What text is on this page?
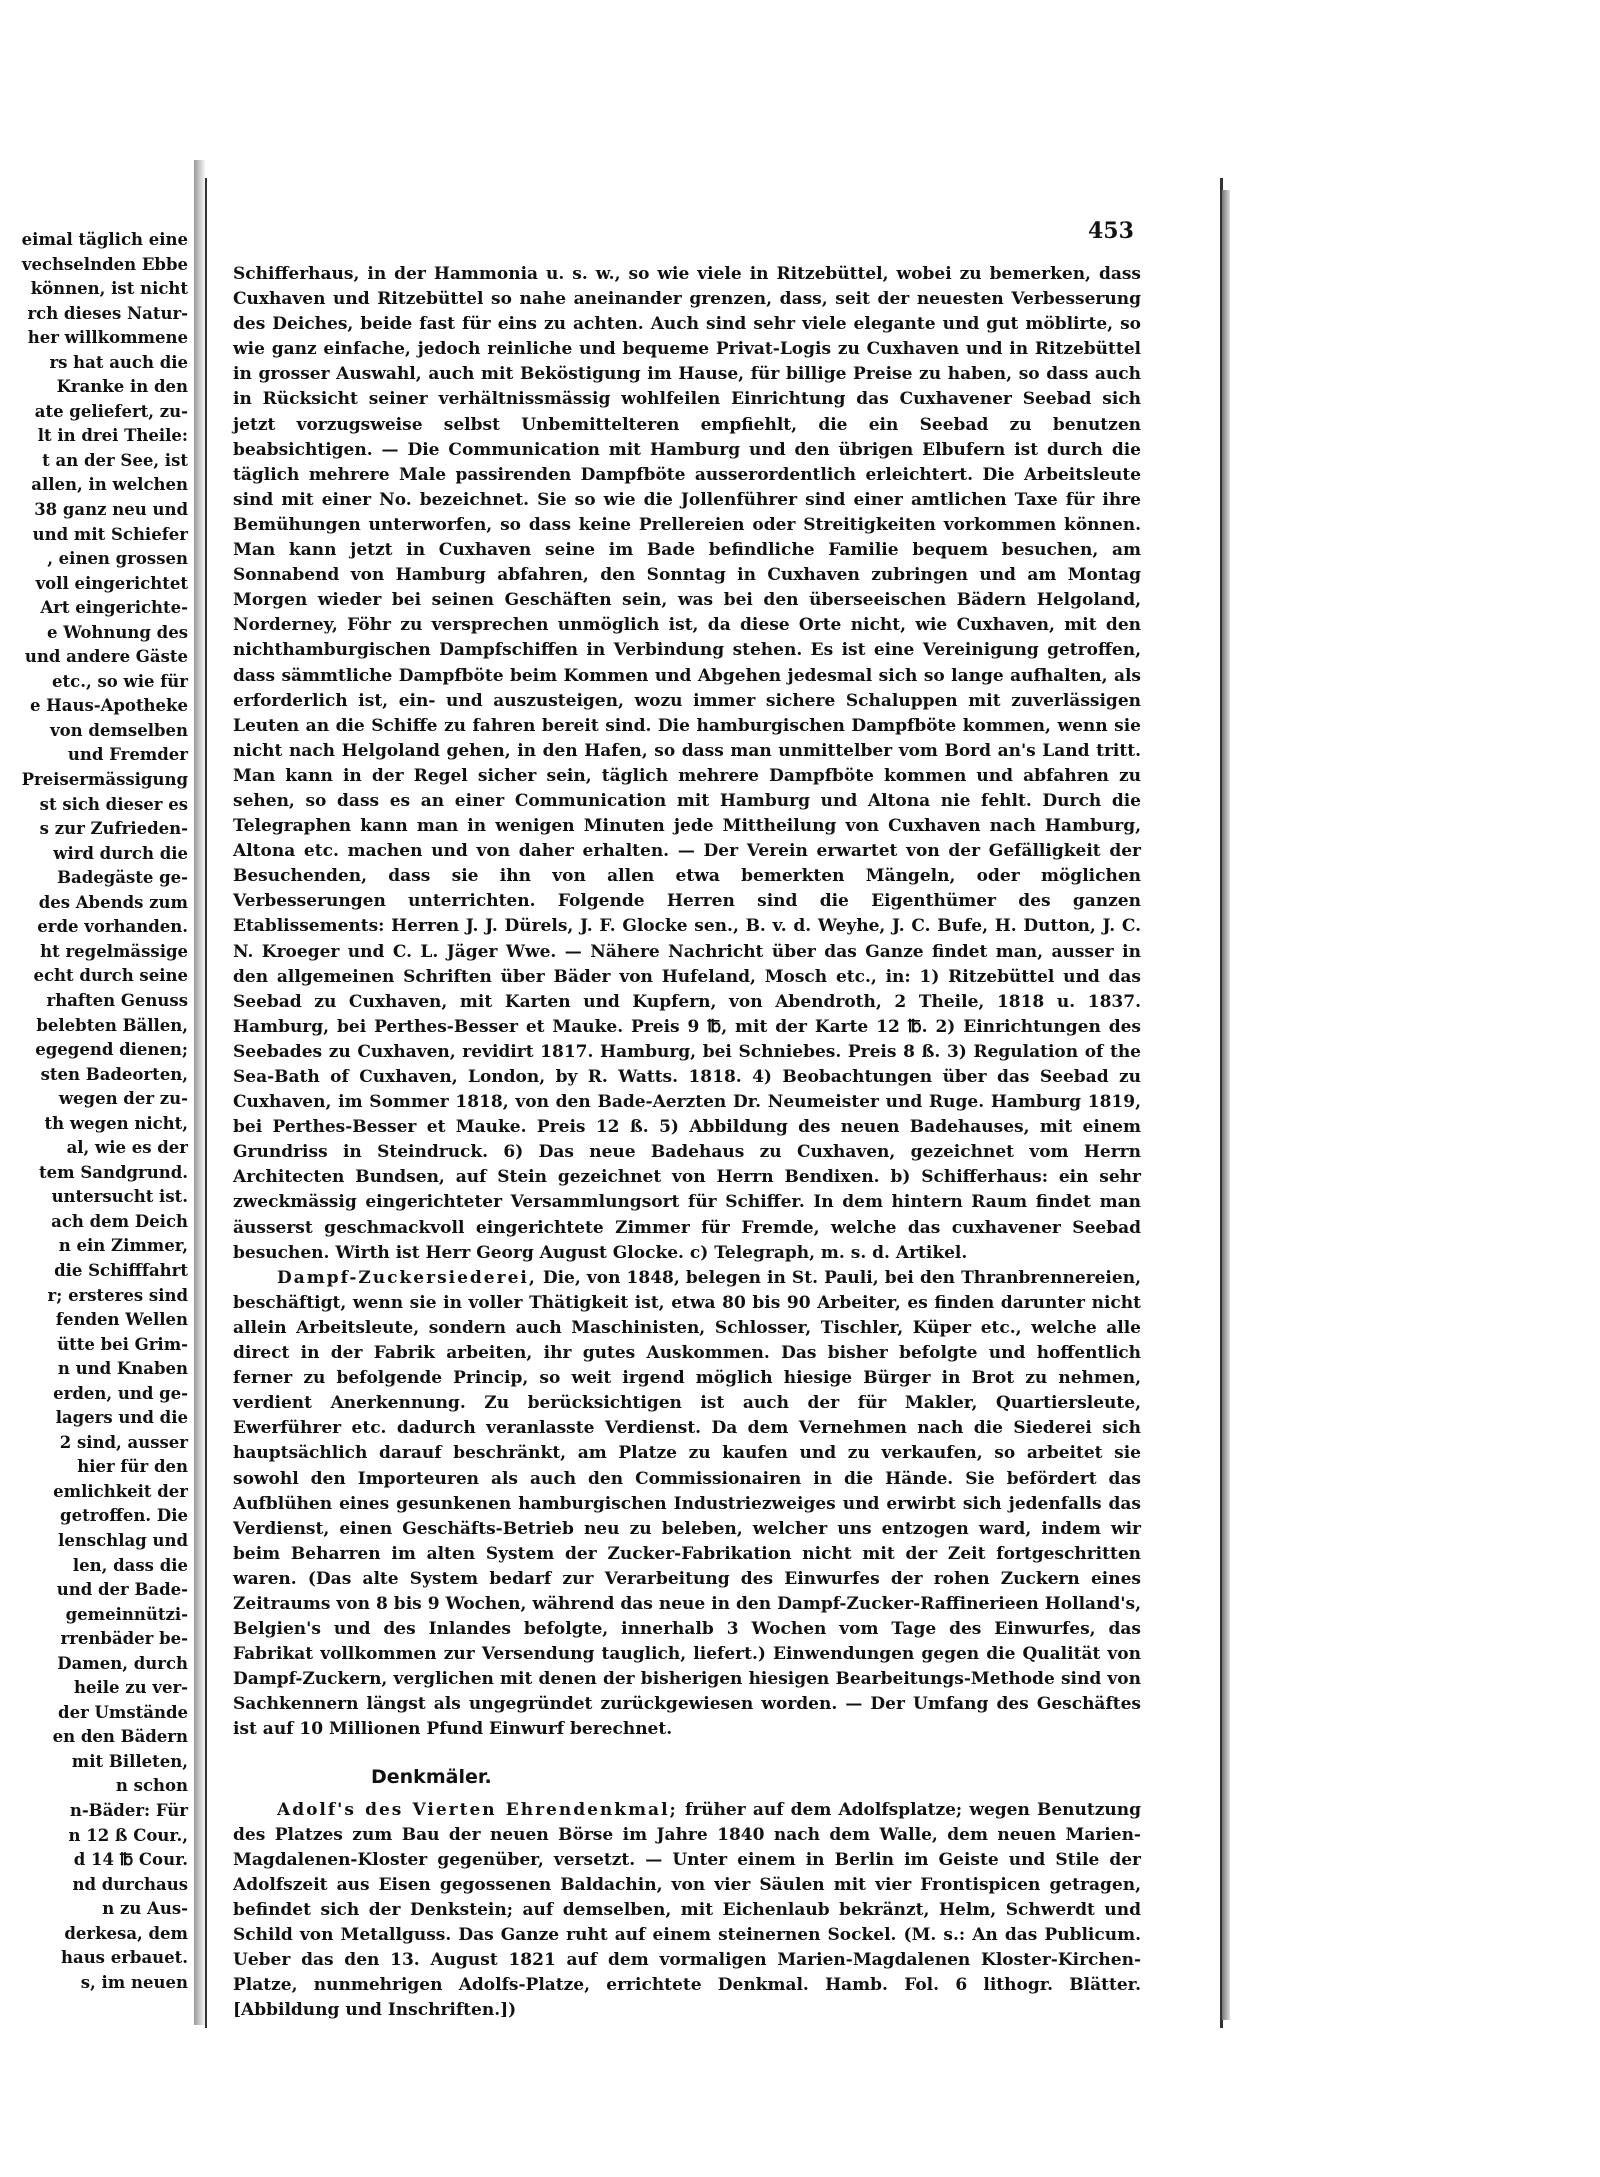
eimal täglich eine
vechselnden Ebbe
können, ist nicht
rch dieses Natur-
her willkommene
rs hat auch die
Kranke in den
ate geliefert, zu-
lt in drei Theile:
t an der See, ist
allen, in welchen
38 ganz neu und
und mit Schiefer
, einen grossen
voll eingerichtet
Art eingerichte-
e Wohnung des
und andere Gäste
etc., so wie für
e Haus-Apotheke
von demselben
und Fremder
Preisermässigung
st sich dieser es
s zur Zufrieden-
wird durch die
Badegäste ge-
des Abends zum
erde vorhanden.
ht regelmässige
echt durch seine
rhaften Genuss
belebten Bällen,
egegend dienen;
sten Badeorten,
wegen der zu-
th wegen nicht,
al, wie es der
tem Sandgrund.
untersucht ist.
ach dem Deich
n ein Zimmer,
die Schifffahrt
r; ersteres sind
fenden Wellen
ütte bei Grim-
n und Knaben
erden, und ge-
lagers und die
2 sind, ausser
hier für den
emlichkeit der
getroffen. Die
lenschlag und
len, dass die
und der Bade-
gemeinnützi-
rrenbäder be-
Damen, durch
heile zu ver-
der Umstände
en den Bädern
mit Billeten,
n schon
n-Bäder: Für
n 12 ß Cour.,
d 14 ℔ Cour.
nd durchaus
n zu Aus-
derkesa, dem
haus erbauet.
s, im neuen
453

Schifferhaus, in der Hammonia u. s. w., so wie viele in Ritzebüttel, wobei zu bemerken, dass Cuxhaven und Ritzebüttel so nahe aneinander grenzen, dass, seit der neuesten Verbesserung des Deiches, beide fast für eins zu achten. Auch sind sehr viele elegante und gut möblirte, so wie ganz einfache, jedoch reinliche und bequeme Privat-Logis zu Cuxhaven und in Ritzebüttel in grosser Auswahl, auch mit Beköstigung im Hause, für billige Preise zu haben, so dass auch in Rücksicht seiner verhältnissmässig wohlfeilen Einrichtung das Cuxhavener Seebad sich jetzt vorzugsweise selbst Unbemittelteren empfiehlt, die ein Seebad zu benutzen beabsichtigen. — Die Communication mit Hamburg und den übrigen Elbufern ist durch die täglich mehrere Male passirenden Dampfböte ausserordentlich erleichtert. Die Arbeitsleute sind mit einer No. bezeichnet. Sie so wie die Jollenführer sind einer amtlichen Taxe für ihre Bemühungen unterworfen, so dass keine Prellereien oder Streitigkeiten vorkommen können. Man kann jetzt in Cuxhaven seine im Bade befindliche Familie bequem besuchen, am Sonnabend von Hamburg abfahren, den Sonntag in Cuxhaven zubringen und am Montag Morgen wieder bei seinen Geschäften sein, was bei den überseeischen Bädern Helgoland, Norderney, Föhr zu versprechen unmöglich ist, da diese Orte nicht, wie Cuxhaven, mit den nichthamburgischen Dampfschiffen in Verbindung stehen. Es ist eine Vereinigung getroffen, dass sämmtliche Dampfböte beim Kommen und Abgehen jedesmal sich so lange aufhalten, als erforderlich ist, ein- und auszusteigen, wozu immer sichere Schaluppen mit zuverlässigen Leuten an die Schiffe zu fahren bereit sind. Die hamburgischen Dampfböte kommen, wenn sie nicht nach Helgoland gehen, in den Hafen, so dass man unmittelber vom Bord an's Land tritt. Man kann in der Regel sicher sein, täglich mehrere Dampfböte kommen und abfahren zu sehen, so dass es an einer Communication mit Hamburg und Altona nie fehlt. Durch die Telegraphen kann man in wenigen Minuten jede Mittheilung von Cuxhaven nach Hamburg, Altona etc. machen und von daher erhalten. — Der Verein erwartet von der Gefälligkeit der Besuchenden, dass sie ihn von allen etwa bemerkten Mängeln, oder möglichen Verbesserungen unterrichten. Folgende Herren sind die Eigenthümer des ganzen Etablissements: Herren J. J. Dürels, J. F. Glocke sen., B. v. d. Weyhe, J. C. Bufe, H. Dutton, J. C. N. Kroeger und C. L. Jäger Wwe. — Nähere Nachricht über das Ganze findet man, ausser in den allgemeinen Schriften über Bäder von Hufeland, Mosch etc., in: 1) Ritzebüttel und das Seebad zu Cuxhaven, mit Karten und Kupfern, von Abendroth, 2 Theile, 1818 u. 1837. Hamburg, bei Perthes-Besser et Mauke. Preis 9 ℔, mit der Karte 12 ℔. 2) Einrichtungen des Seebades zu Cuxhaven, revidirt 1817. Hamburg, bei Schniebes. Preis 8 ß. 3) Regulation of the Sea-Bath of Cuxhaven, London, by R. Watts. 1818. 4) Beobachtungen über das Seebad zu Cuxhaven, im Sommer 1818, von den Bade-Aerzten Dr. Neumeister und Ruge. Hamburg 1819, bei Perthes-Besser et Mauke. Preis 12 ß. 5) Abbildung des neuen Badehauses, mit einem Grundriss in Steindruck. 6) Das neue Badehaus zu Cuxhaven, gezeichnet vom Herrn Architecten Bundsen, auf Stein gezeichnet von Herrn Bendixen. b) Schifferhaus: ein sehr zweckmässig eingerichteter Versammlungsort für Schiffer. In dem hintern Raum findet man äusserst geschmackvoll eingerichtete Zimmer für Fremde, welche das cuxhavener Seebad besuchen. Wirth ist Herr Georg August Glocke. c) Telegraph, m. s. d. Artikel.

Dampf-Zuckersiederei, Die, von 1848, belegen in St. Pauli, bei den Thranbrennereien, beschäftigt, wenn sie in voller Thätigkeit ist, etwa 80 bis 90 Arbeiter, es finden darunter nicht allein Arbeitsleute, sondern auch Maschinisten, Schlosser, Tischler, Küper etc., welche alle direct in der Fabrik arbeiten, ihr gutes Auskommen. Das bisher befolgte und hoffentlich ferner zu befolgende Princip, so weit irgend möglich hiesige Bürger in Brot zu nehmen, verdient Anerkennung. Zu berücksichtigen ist auch der für Makler, Quartiersleute, Ewerführer etc. dadurch veranlasste Verdienst. Da dem Vernehmen nach die Siederei sich hauptsächlich darauf beschränkt, am Platze zu kaufen und zu verkaufen, so arbeitet sie sowohl den Importeuren als auch den Commissionairen in die Hände. Sie befördert das Aufblühen eines gesunkenen hamburgischen Industriezweiges und erwirbt sich jedenfalls das Verdienst, einen Geschäfts-Betrieb neu zu beleben, welcher uns entzogen ward, indem wir beim Beharren im alten System der Zucker-Fabrikation nicht mit der Zeit fortgeschritten waren. (Das alte System bedarf zur Verarbeitung des Einwurfes der rohen Zuckern eines Zeitraums von 8 bis 9 Wochen, während das neue in den Dampf-Zucker-Raffinerieen Holland's, Belgien's und des Inlandes befolgte, innerhalb 3 Wochen vom Tage des Einwurfes, das Fabrikat vollkommen zur Versendung tauglich, liefert.) Einwendungen gegen die Qualität von Dampf-Zuckern, verglichen mit denen der bisherigen hiesigen Bearbeitungs-Methode sind von Sachkennern längst als ungegründet zurückgewiesen worden. — Der Umfang des Geschäftes ist auf 10 Millionen Pfund Einwurf berechnet.

Denkmäler.

Adolf's des Vierten Ehrendenkmal; früher auf dem Adolfsplatze; wegen Benutzung des Platzes zum Bau der neuen Börse im Jahre 1840 nach dem Walle, dem neuen Marien-Magdalenen-Kloster gegenüber, versetzt. — Unter einem in Berlin im Geiste und Stile der Adolfszeit aus Eisen gegossenen Baldachin, von vier Säulen mit vier Frontispicen getragen, befindet sich der Denkstein; auf demselben, mit Eichenlaub bekränzt, Helm, Schwerdt und Schild von Metallguss. Das Ganze ruht auf einem steinernen Sockel. (M. s.: An das Publicum. Ueber das den 13. August 1821 auf dem vormaligen Marien-Magdalenen Kloster-Kirchen-Platze, nunmehrigen Adolfs-Platze, errichtete Denkmal. Hamb. Fol. 6 lithogr. Blätter. [Abbildung und Inschriften.])
